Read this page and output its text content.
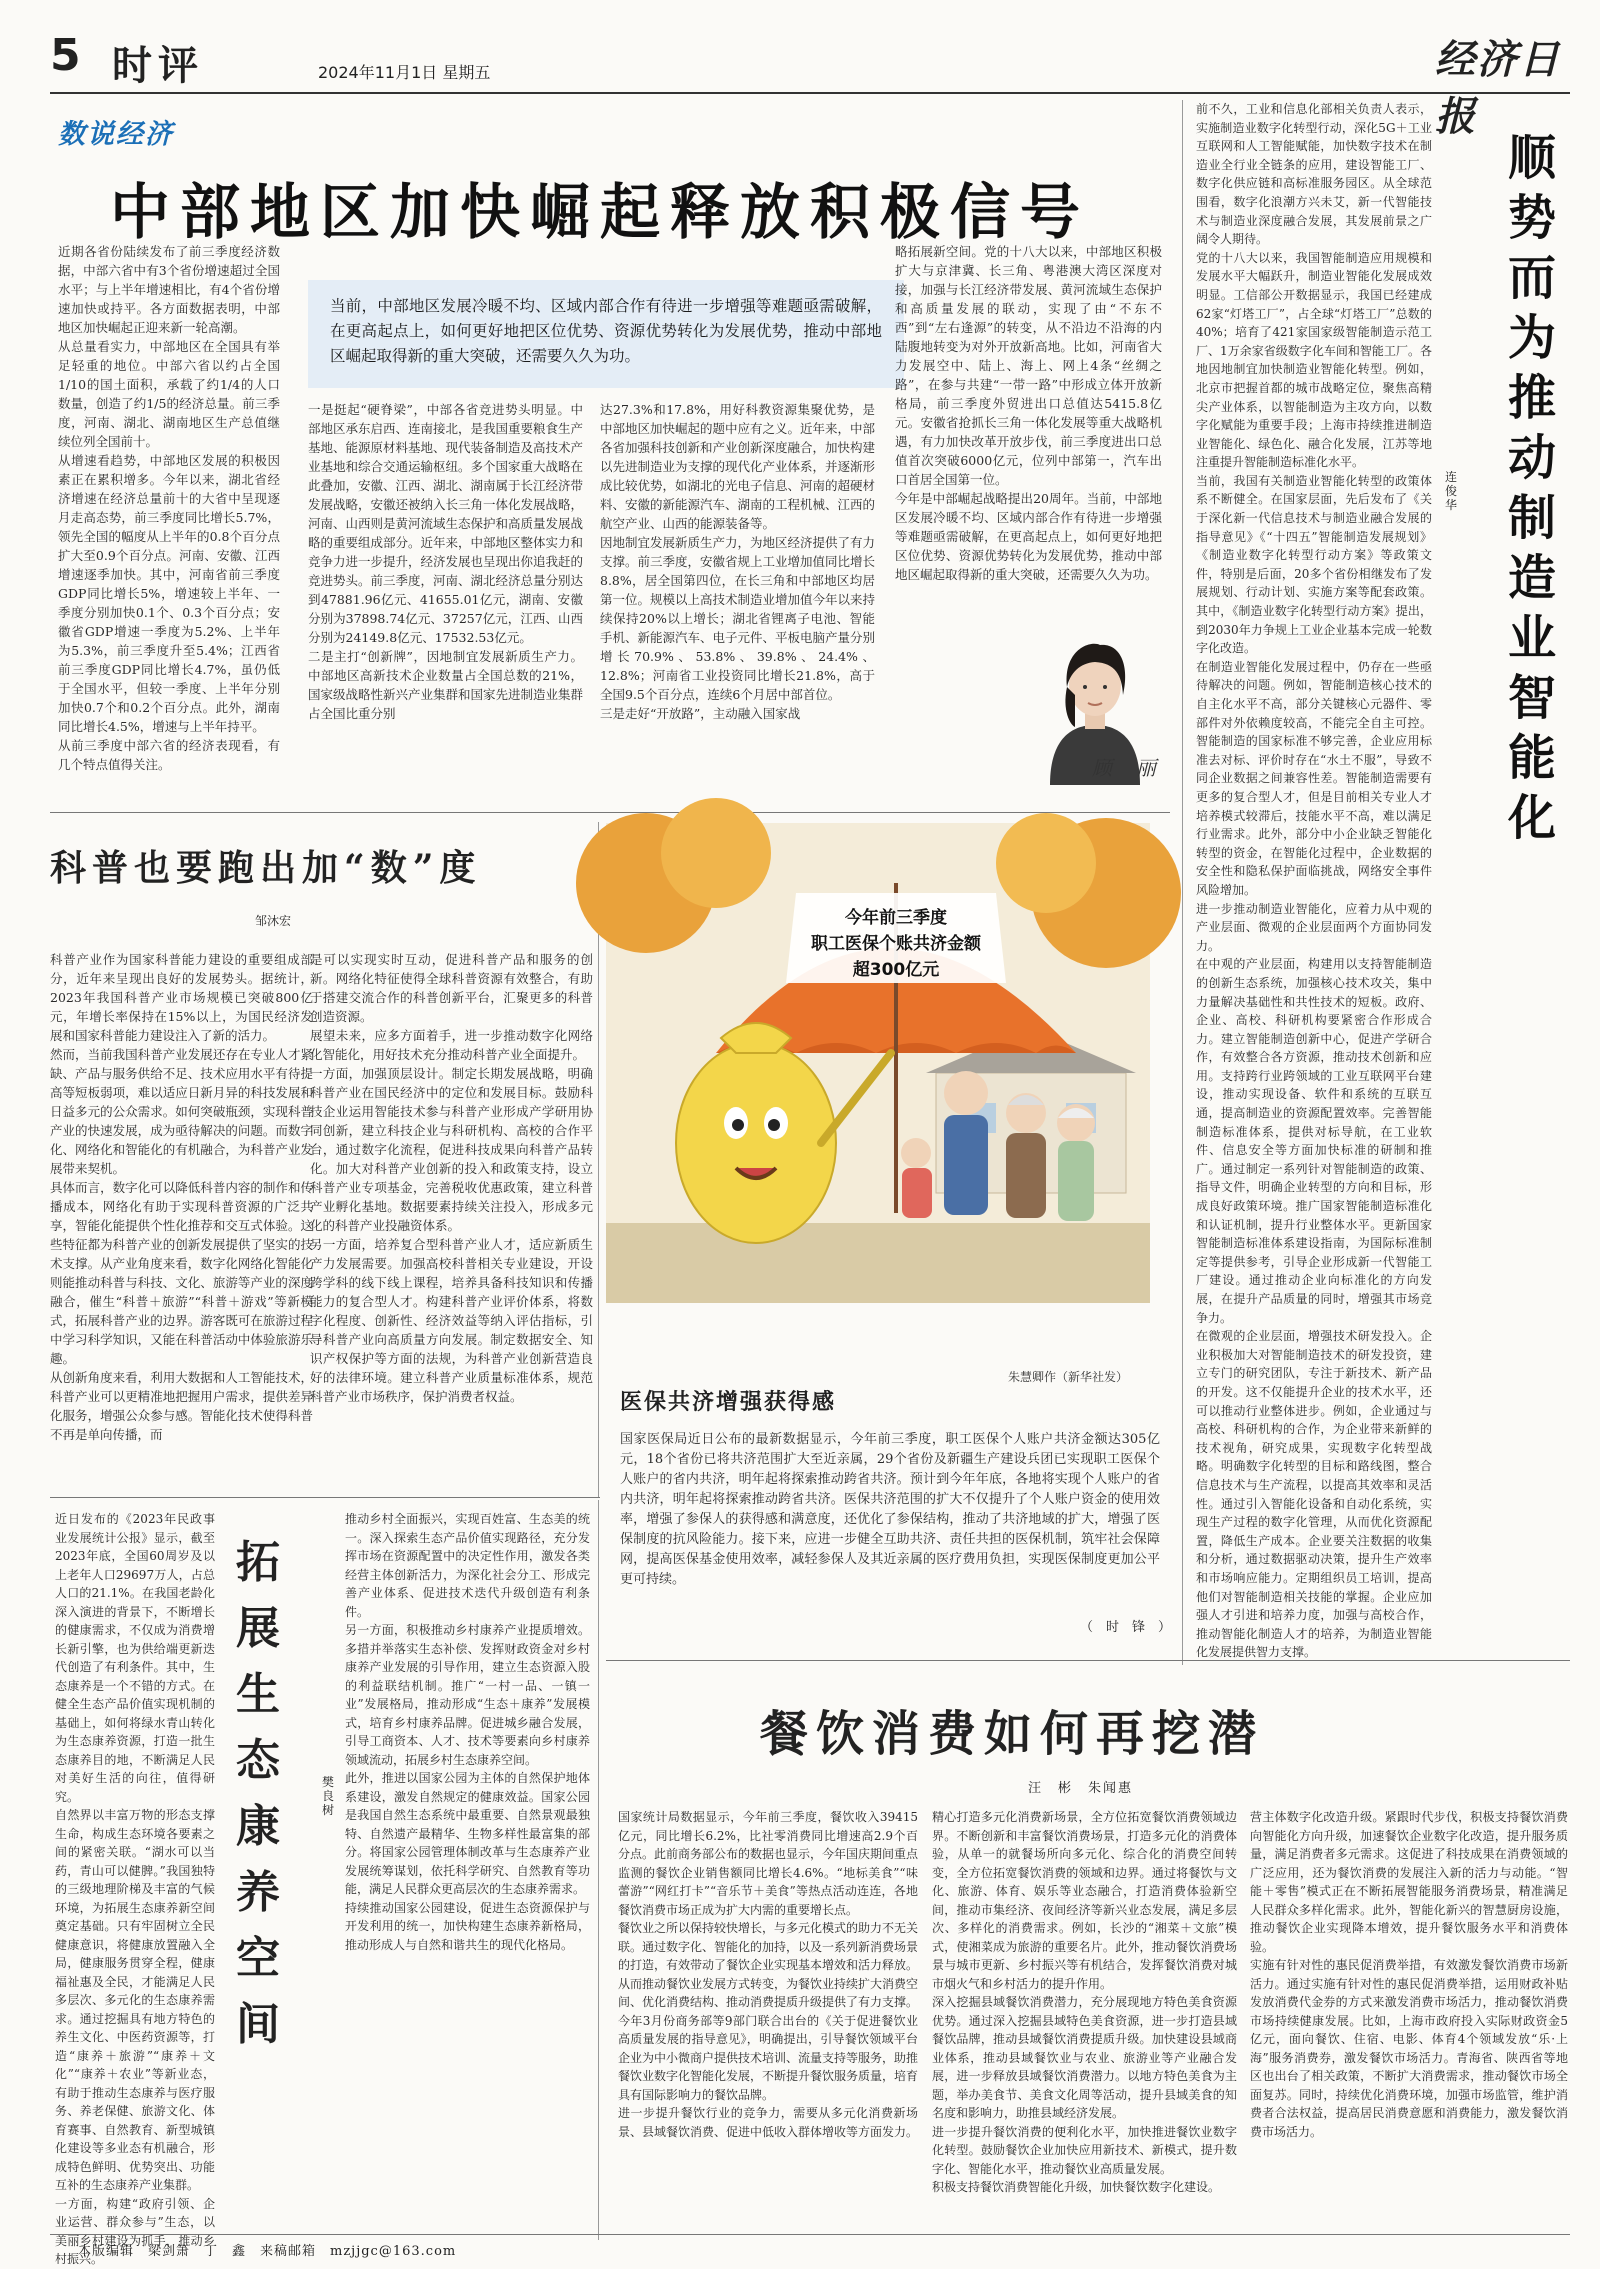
5 时评	2024年11月1日 星期五	经济日报
数说经济
中部地区加快崛起释放积极信号
当前，中部地区发展冷暖不均、区域内部合作有待进一步增强等难题亟需破解，在更高起点上，如何更好地把区位优势、资源优势转化为发展优势，推动中部地区崛起取得新的重大突破，还需要久久为功。
近期各省份陆续发布了前三季度经济数据，中部六省中有3个省份增速超过全国水平；与上半年增速相比，有4个省份增速加快或持平。各方面数据表明，中部地区加快崛起正迎来新一轮高潮。
从总量看实力，中部地区在全国具有举足轻重的地位。中部六省以约占全国1/10的国土面积，承载了约1/4的人口数量，创造了约1/5的经济总量。前三季度，河南、湖北、湖南地区生产总值继续位列全国前十。
从增速看趋势，中部地区发展的积极因素正在累积增多。今年以来，湖北省经济增速在经济总量前十的大省中呈现逐月走高态势，前三季度同比增长5.7%，领先全国的幅度从上半年的0.8个百分点扩大至0.9个百分点。河南、安徽、江西增速逐季加快。其中，河南省前三季度GDP同比增长5%，增速较上半年、一季度分别加快0.1个、0.3个百分点；安徽省GDP增速一季度为5.2%、上半年为5.3%，前三季度升至5.4%；江西省前三季度GDP同比增长4.7%，虽仍低于全国水平，但较一季度、上半年分别加快0.7个和0.2个百分点。此外，湖南同比增长4.5%，增速与上半年持平。
从前三季度中部六省的经济表现看，有几个特点值得关注。
一是挺起“硬脊梁”，中部各省竞进势头明显。中部地区承东启西、连南接北，是我国重要粮食生产基地、能源原材料基地、现代装备制造及高技术产业基地和综合交通运输枢纽。多个国家重大战略在此叠加，安徽、江西、湖北、湖南属于长江经济带发展战略，安徽还被纳入长三角一体化发展战略，河南、山西则是黄河流域生态保护和高质量发展战略的重要组成部分。近年来，中部地区整体实力和竞争力进一步提升，经济发展也呈现出你追我赶的竞进势头。前三季度，河南、湖北经济总量分别达到47881.96亿元、41655.01亿元，湖南、安徽分别为37898.74亿元、37257亿元，江西、山西分别为24149.8亿元、17532.53亿元。
二是主打“创新牌”，因地制宜发展新质生产力。中部地区高新技术企业数量占全国总数的21%，国家级战略性新兴产业集群和国家先进制造业集群占全国比重分别
达27.3%和17.8%，用好科教资源集聚优势，是中部地区加快崛起的题中应有之义。近年来，中部各省加强科技创新和产业创新深度融合，加快构建以先进制造业为支撑的现代化产业体系，并逐渐形成比较优势，如湖北的光电子信息、河南的超硬材料、安徽的新能源汽车、湖南的工程机械、江西的航空产业、山西的能源装备等。
因地制宜发展新质生产力，为地区经济提供了有力支撑。前三季度，安徽省规上工业增加值同比增长8.8%，居全国第四位，在长三角和中部地区均居第一位。规模以上高技术制造业增加值今年以来持续保持20%以上增长；湖北省锂离子电池、智能手机、新能源汽车、电子元件、平板电脑产量分别增长70.9%、53.8%、39.8%、24.4%、12.8%；河南省工业投资同比增长21.8%，高于全国9.5个百分点，连续6个月居中部首位。
三是走好“开放路”，主动融入国家战
略拓展新空间。党的十八大以来，中部地区积极扩大与京津冀、长三角、粤港澳大湾区深度对接，加强与长江经济带发展、黄河流域生态保护和高质量发展的联动，实现了由“不东不西”到“左右逢源”的转变，从不沿边不沿海的内陆腹地转变为对外开放新高地。比如，河南省大力发展空中、陆上、海上、网上4条“丝绸之路”，在参与共建“一带一路”中形成立体开放新格局，前三季度外贸进出口总值达5415.8亿元。安徽省抢抓长三角一体化发展等重大战略机遇，有力加快改革开放步伐，前三季度进出口总值首次突破6000亿元，位列中部第一，汽车出口首居全国第一位。
今年是中部崛起战略提出20周年。当前，中部地区发展冷暖不均、区域内部合作有待进一步增强等难题亟需破解，在更高起点上，如何更好地把区位优势、资源优势转化为发展优势，推动中部地区崛起取得新的重大突破，还需要久久为功。
顾　丽
顺势而为推动制造业智能化
连俊华
前不久，工业和信息化部相关负责人表示，实施制造业数字化转型行动，深化5G＋工业互联网和人工智能赋能，加快数字技术在制造业全行业全链条的应用，建设智能工厂、数字化供应链和高标准服务园区。从全球范围看，数字化浪潮方兴未艾，新一代智能技术与制造业深度融合发展，其发展前景之广阔令人期待。
党的十八大以来，我国智能制造应用规模和发展水平大幅跃升，制造业智能化发展成效明显。工信部公开数据显示，我国已经建成62家“灯塔工厂”，占全球“灯塔工厂”总数的40%；培育了421家国家级智能制造示范工厂、1万余家省级数字化车间和智能工厂。各地因地制宜加快制造业智能化转型。例如，北京市把握首都的城市战略定位，聚焦高精尖产业体系，以智能制造为主攻方向，以数字化赋能为重要手段；上海市持续推进制造业智能化、绿色化、融合化发展，江苏等地注重提升智能制造标准化水平。
当前，我国有关制造业智能化转型的政策体系不断健全。在国家层面，先后发布了《关于深化新一代信息技术与制造业融合发展的指导意见》《“十四五”智能制造发展规划》《制造业数字化转型行动方案》等政策文件，特别是后面，20多个省份相继发布了发展规划、行动计划、实施方案等配套政策。其中，《制造业数字化转型行动方案》提出，到2030年力争规上工业企业基本完成一轮数字化改造。
在制造业智能化发展过程中，仍存在一些亟待解决的问题。例如，智能制造核心技术的自主化水平不高，部分关键核心元器件、零部件对外依赖度较高，不能完全自主可控。智能制造的国家标准不够完善，企业应用标准去对标、评价时存在“水土不服”，导致不同企业数据之间兼容性差。智能制造需要有更多的复合型人才，但是目前相关专业人才培养模式较滞后，技能水平不高，难以满足行业需求。此外，部分中小企业缺乏智能化转型的资金，在智能化过程中，企业数据的安全性和隐私保护面临挑战，网络安全事件风险增加。
进一步推动制造业智能化，应着力从中观的产业层面、微观的企业层面两个方面协同发力。
在中观的产业层面，构建用以支持智能制造的创新生态系统，加强核心技术攻关，集中力量解决基础性和共性技术的短板。政府、企业、高校、科研机构要紧密合作形成合力。建立智能制造创新中心，促进产学研合作，有效整合各方资源，推动技术创新和应用。支持跨行业跨领域的工业互联网平台建设，推动实现设备、软件和系统的互联互通，提高制造业的资源配置效率。完善智能制造标准体系，提供对标导航，在工业软件、信息安全等方面加快标准的研制和推广。通过制定一系列针对智能制造的政策、指导文件，明确企业转型的方向和目标，形成良好政策环境。推广国家智能制造标准化和认证机制，提升行业整体水平。更新国家智能制造标准体系建设指南，为国际标准制定等提供参考，引导企业形成新一代智能工厂建设。通过推动企业向标准化的方向发展，在提升产品质量的同时，增强其市场竞争力。
在微观的企业层面，增强技术研发投入。企业积极加大对智能制造技术的研发投资，建立专门的研究团队，专注于新技术、新产品的开发。这不仅能提升企业的技术水平，还可以推动行业整体进步。例如，企业通过与高校、科研机构的合作，为企业带来新鲜的技术视角，研究成果，实现数字化转型战略。明确数字化转型的目标和路线图，整合信息技术与生产流程，以提高其效率和灵活性。通过引入智能化设备和自动化系统，实现生产过程的数字化管理，从而优化资源配置，降低生产成本。企业要关注数据的收集和分析，通过数据驱动决策，提升生产效率和市场响应能力。定期组织员工培训，提高他们对智能制造相关技能的掌握。企业应加强人才引进和培养力度，加强与高校合作，推动智能化制造人才的培养，为制造业智能化发展提供智力支撑。
科普也要跑出加“数”度
邹沐宏
科普产业作为国家科普能力建设的重要组成部分，近年来呈现出良好的发展势头。据统计，2023年我国科普产业市场规模已突破800亿元，年增长率保持在15%以上，为国民经济发展和国家科普能力建设注入了新的活力。
然而，当前我国科普产业发展还存在专业人才紧缺、产品与服务供给不足、技术应用水平有待提高等短板弱项，难以适应日新月异的科技发展和日益多元的公众需求。如何突破瓶颈，实现科普产业的快速发展，成为亟待解决的问题。而数字化、网络化和智能化的有机融合，为科普产业发展带来契机。
具体而言，数字化可以降低科普内容的制作和传播成本，网络化有助于实现科普资源的广泛共享，智能化能提供个性化推荐和交互式体验。这些特征都为科普产业的创新发展提供了坚实的技术支撑。从产业角度来看，数字化网络化智能化则能推动科普与科技、文化、旅游等产业的深度融合，催生“科普＋旅游”“科普＋游戏”等新模式，拓展科普产业的边界。游客既可在旅游过程中学习科学知识，又能在科普活动中体验旅游乐趣。
从创新角度来看，利用大数据和人工智能技术，科普产业可以更精准地把握用户需求，提供差异化服务，增强公众参与感。智能化技术使得科普不再是单向传播，而
是可以实现实时互动，促进科普产品和服务的创新。网络化特征使得全球科普资源有效整合，有助于搭建交流合作的科普创新平台，汇聚更多的科普创造资源。
展望未来，应多方面着手，进一步推动数字化网络化智能化，用好技术充分推动科普产业全面提升。
一方面，加强顶层设计。制定长期发展战略，明确科普产业在国民经济中的定位和发展目标。鼓励科技企业运用智能技术参与科普产业形成产学研用协同创新，建立科技企业与科研机构、高校的合作平台，通过数字化流程，促进科技成果向科普产品转化。加大对科普产业创新的投入和政策支持，设立科普产业专项基金，完善税收优惠政策，建立科普产业孵化基地。数据要素持续关注投入，形成多元化的科普产业投融资体系。
另一方面，培养复合型科普产业人才，适应新质生产力发展需要。加强高校科普相关专业建设，开设跨学科的线下线上课程，培养具备科技知识和传播能力的复合型人才。构建科普产业评价体系，将数字化程度、创新性、经济效益等纳入评估指标，引导科普产业向高质量方向发展。制定数据安全、知识产权保护等方面的法规，为科普产业创新营造良好的法律环境。建立科普产业质量标准体系，规范科普产业市场秩序，保护消费者权益。
今年前三季度
职工医保个账共济金额
超300亿元
朱慧卿作（新华社发）
医保共济增强获得感
国家医保局近日公布的最新数据显示，今年前三季度，职工医保个人账户共济金额达305亿元，18个省份已将共济范围扩大至近亲属，29个省份及新疆生产建设兵团已实现职工医保个人账户的省内共济，明年起将探索推动跨省共济。预计到今年年底，各地将实现个人账户的省内共济，明年起将探索推动跨省共济。医保共济范围的扩大不仅提升了个人账户资金的使用效率，增强了参保人的获得感和满意度，还优化了参保结构，推动了共济地域的扩大，增强了医保制度的抗风险能力。接下来，应进一步健全互助共济、责任共担的医保机制，筑牢社会保障网，提高医保基金使用效率，减轻参保人及其近亲属的医疗费用负担，实现医保制度更加公平更可持续。
（　时　锋　）
拓展生态康养空间
樊良树
近日发布的《2023年民政事业发展统计公报》显示，截至2023年底，全国60周岁及以上老年人口29697万人，占总人口的21.1%。在我国老龄化深入演进的背景下，不断增长的健康需求，不仅成为消费增长新引擎，也为供给端更新迭代创造了有利条件。其中，生态康养是一个不错的方式。在健全生态产品价值实现机制的基础上，如何将绿水青山转化为生态康养资源，打造一批生态康养目的地，不断满足人民对美好生活的向往，值得研究。
自然界以丰富万物的形态支撑生命，构成生态环境各要素之间的紧密关联。“湖水可以当药，青山可以健脾。”我国独特的三级地理阶梯及丰富的气候环境，为拓展生态康养新空间奠定基础。只有牢固树立全民健康意识，将健康放置融入全局，健康服务贯穿全程，健康福祉惠及全民，才能满足人民多层次、多元化的生态康养需求。通过挖掘具有地方特色的养生文化、中医药资源等，打造“康养＋旅游”“康养＋文化”“康养＋农业”等新业态，有助于推动生态康养与医疗服务、养老保健、旅游文化、体育赛事、自然教育、新型城镇化建设等多业态有机融合，形成特色鲜明、优势突出、功能互补的生态康养产业集群。
一方面，构建“政府引领、企业运营、群众参与”生态，以美丽乡村建设为抓手，推动乡村振兴。
推动乡村全面振兴，实现百姓富、生态美的统一。深入探索生态产品价值实现路径，充分发挥市场在资源配置中的决定性作用，激发各类经营主体创新活力，为深化社会分工、形成完善产业体系、促进技术迭代升级创造有利条件。
另一方面，积极推动乡村康养产业提质增效。多措并举落实生态补偿、发挥财政资金对乡村康养产业发展的引导作用，建立生态资源入股的利益联结机制。推广“一村一品、一镇一业”发展格局，推动形成“生态＋康养”发展模式，培育乡村康养品牌。促进城乡融合发展，引导工商资本、人才、技术等要素向乡村康养领域流动，拓展乡村生态康养空间。
此外，推进以国家公园为主体的自然保护地体系建设，激发自然规定的健康效益。国家公园是我国自然生态系统中最重要、自然景观最独特、自然遗产最精华、生物多样性最富集的部分。将国家公园管理体制改革与生态康养产业发展统筹谋划，依托科学研究、自然教育等功能，满足人民群众更高层次的生态康养需求。
持续推动国家公园建设，促进生态资源保护与开发利用的统一，加快构建生态康养新格局，推动形成人与自然和谐共生的现代化格局。
餐饮消费如何再挖潜
汪　彬　朱闻惠
国家统计局数据显示，今年前三季度，餐饮收入39415亿元，同比增长6.2%，比社零消费同比增速高2.9个百分点。此前商务部公布的数据也显示，今年国庆期间重点监测的餐饮企业销售额同比增长4.6%。“地标美食”“味蕾游”“网红打卡”“音乐节＋美食”等热点活动连连，各地餐饮消费市场正成为扩大内需的重要增长点。
餐饮业之所以保持较快增长，与多元化模式的助力不无关联。通过数字化、智能化的加持，以及一系列新消费场景的打造，有效带动了餐饮企业实现基本增效和活力释放。从而推动餐饮业发展方式转变，为餐饮业持续扩大消费空间、优化消费结构、推动消费提质升级提供了有力支撑。今年3月份商务部等9部门联合出台的《关于促进餐饮业高质量发展的指导意见》，明确提出，引导餐饮领域平台企业为中小微商户提供技术培训、流量支持等服务，助推餐饮业数字化智能化发展，不断提升餐饮服务质量，培育具有国际影响力的餐饮品牌。
进一步提升餐饮行业的竞争力，需要从多元化消费新场景、县域餐饮消费、促进中低收入群体增收等方面发力。
精心打造多元化消费新场景，全方位拓宽餐饮消费领域边界。不断创新和丰富餐饮消费场景，打造多元化的消费体验，从单一的就餐场所向多元化、综合化的消费空间转变，全方位拓宽餐饮消费的领域和边界。通过将餐饮与文化、旅游、体育、娱乐等业态融合，打造消费体验新空间，推动市集经济、夜间经济等新兴业态发展，满足多层次、多样化的消费需求。例如，长沙的“湘菜＋文旅”模式，使湘菜成为旅游的重要名片。此外，推动餐饮消费场景与城市更新、乡村振兴等有机结合，发挥餐饮消费对城市烟火气和乡村活力的提升作用。
深入挖掘县域餐饮消费潜力，充分展现地方特色美食资源优势。通过深入挖掘县域特色美食资源，进一步打造县域餐饮品牌，推动县域餐饮消费提质升级。加快建设县域商业体系，推动县域餐饮业与农业、旅游业等产业融合发展，进一步释放县域餐饮消费潜力。以地方特色美食为主题，举办美食节、美食文化周等活动，提升县域美食的知名度和影响力，助推县域经济发展。
进一步提升餐饮消费的便利化水平，加快推进餐饮业数字化转型。鼓励餐饮企业加快应用新技术、新模式，提升数字化、智能化水平，推动餐饮业高质量发展。
积极支持餐饮消费智能化升级，加快餐饮数字化建设。
营主体数字化改造升级。紧跟时代步伐，积极支持餐饮消费向智能化方向升级，加速餐饮企业数字化改造，提升服务质量，满足消费者多元需求。这促进了科技成果在消费领域的广泛应用，还为餐饮消费的发展注入新的活力与动能。“智能＋零售”模式正在不断拓展智能服务消费场景，精准满足人民群众多样化需求。此外，智能化新兴的智慧厨房设施，推动餐饮企业实现降本增效，提升餐饮服务水平和消费体验。
实施有针对性的惠民促消费举措，有效激发餐饮消费市场新活力。通过实施有针对性的惠民促消费举措，运用财政补贴发放消费代金券的方式来激发消费市场活力，推动餐饮消费市场持续健康发展。比如，上海市政府投入实际财政资金5亿元，面向餐饮、住宿、电影、体育4个领域发放“乐·上海”服务消费券，激发餐饮市场活力。青海省、陕西省等地区也出台了相关政策，不断扩大消费需求，推动餐饮市场全面复苏。同时，持续优化消费环境，加强市场监管，维护消费者合法权益，提高居民消费意愿和消费能力，激发餐饮消费市场活力。
本版编辑　梁剑箫　丁　鑫　来稿邮箱　mzjjgc@163.com
